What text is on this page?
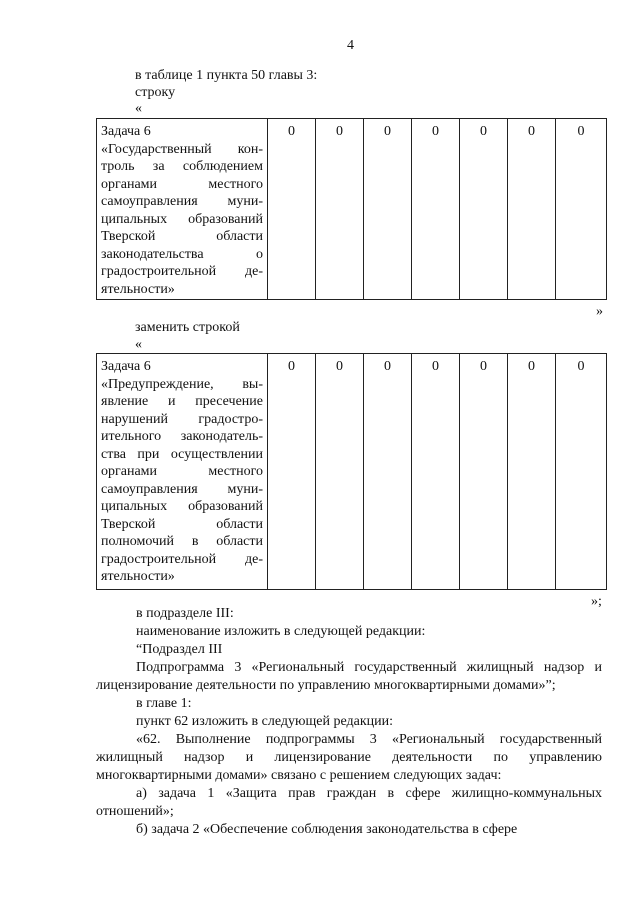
4
в таблице 1 пункта 50 главы 3:
строку
«
Задача 6
«Государственный кон-
троль за соблюдением
органами местного
самоуправления муни-
ципальных образований
Тверской области
законодательства о
градостроительной де-
ятельности»
	0	0	0	0	0	0	0
»
заменить строкой
«
Задача 6
«Предупреждение, вы-
явление и пресечение
нарушений градостро-
ительного законодатель-
ства при осуществлении
органами местного
самоуправления муни-
ципальных образований
Тверской области
полномочий в области
градостроительной де-
ятельности»
	0	0	0	0	0	0	0
»;
в подразделе III:
наименование изложить в следующей редакции:
“Подраздел III
Подпрограмма 3 «Региональный государственный жилищный надзор и
лицензирование деятельности по управлению многоквартирными домами»”;
в главе 1:
пункт 62 изложить в следующей редакции:
«62. Выполнение подпрограммы 3 «Региональный государственный
жилищный надзор и лицензирование деятельности по управлению
многоквартирными домами» связано с решением следующих задач:
а) задача 1 «Защита прав граждан в сфере жилищно-коммунальных
отношений»;
б) задача 2 «Обеспечение соблюдения законодательства в сфере
